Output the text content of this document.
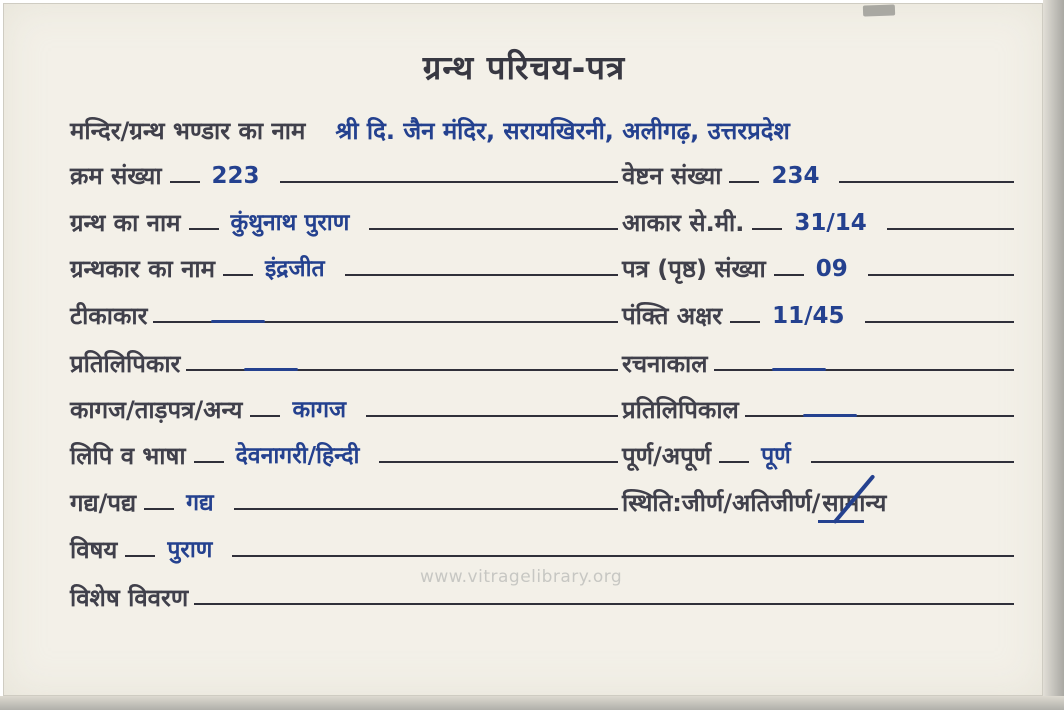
ग्रन्थ परिचय-पत्र
मन्दिर/ग्रन्थ भण्डार का नाम श्री दि. जैन मंदिर, सरायखिरनी, अलीगढ़, उत्तरप्रदेश
क्रम संख्या	223
ग्रन्थ का नाम	कुंथुनाथ पुराण
ग्रन्थकार का नाम	इंद्रजीत
टीकाकार
प्रतिलिपिकार
कागज/ताड़पत्र/अन्य	कागज
लिपि व भाषा	देवनागरी/हिन्दी
गद्य/पद्य	गद्य
विषय	पुराण
विशेष विवरण
वेष्टन संख्या	234
आकार से.मी.	31/14
पत्र (पृष्ठ) संख्या	09
पंक्ति अक्षर	11/45
रचनाकाल
प्रतिलिपिकाल
पूर्ण/अपूर्ण	पूर्ण
स्थिति:जीर्ण/अतिजीर्ण/ सामान्य
www.vitragelibrary.org
